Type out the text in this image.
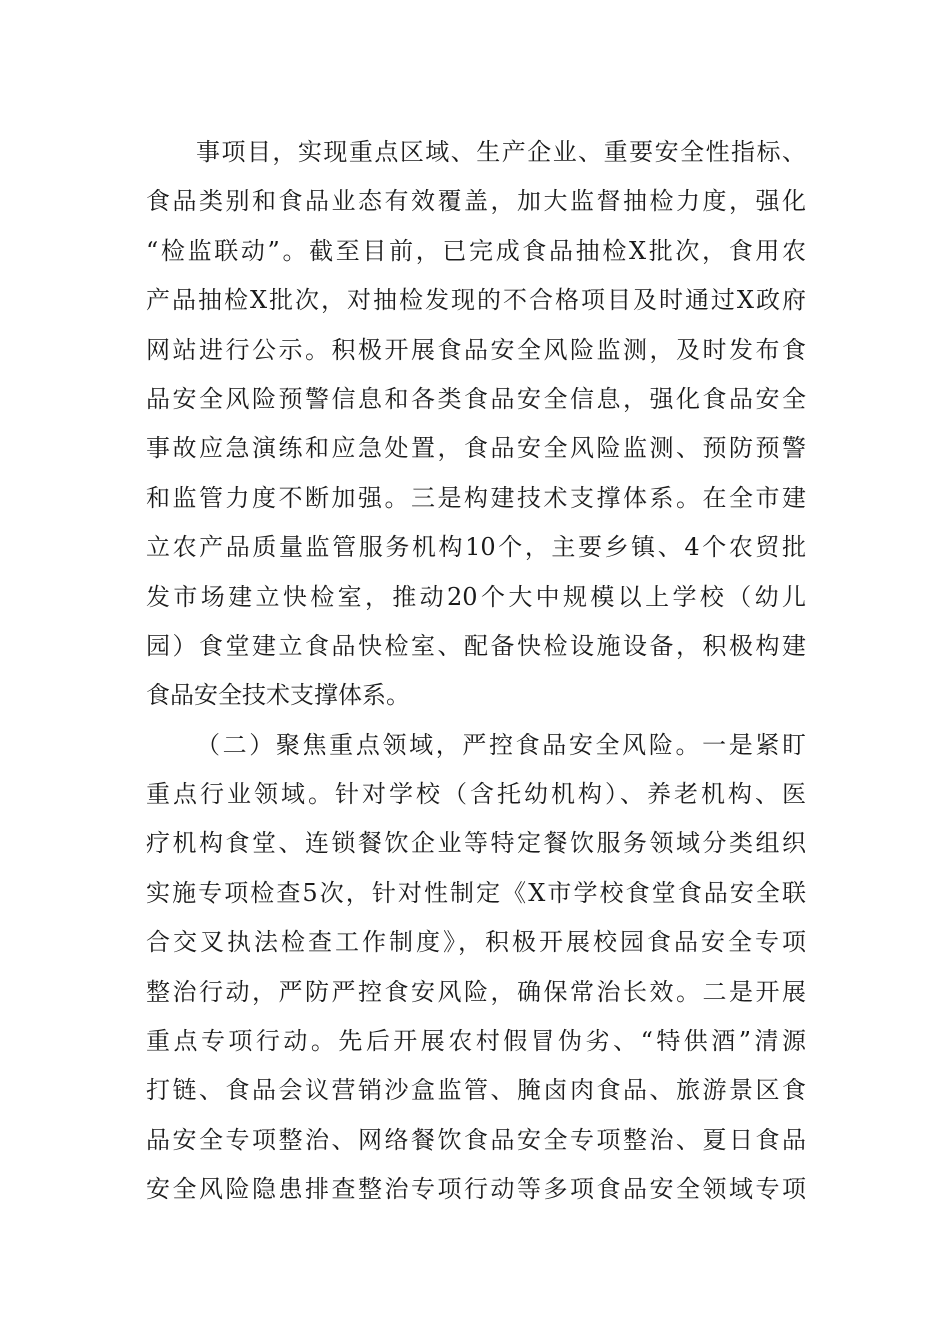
事项目，实现重点区域、生产企业、重要安全性指标、
食品类别和食品业态有效覆盖，加大监督抽检力度，强化
“检监联动”。截至目前，已完成食品抽检X批次，食用农
产品抽检X批次，对抽检发现的不合格项目及时通过X政府
网站进行公示。积极开展食品安全风险监测，及时发布食
品安全风险预警信息和各类食品安全信息，强化食品安全
事故应急演练和应急处置，食品安全风险监测、预防预警
和监管力度不断加强。三是构建技术支撑体系。在全市建
立农产品质量监管服务机构10个，主要乡镇、4个农贸批
发市场建立快检室，推动20个大中规模以上学校（幼儿
园）食堂建立食品快检室、配备快检设施设备，积极构建
食品安全技术支撑体系。
（二）聚焦重点领域，严控食品安全风险。一是紧盯
重点行业领域。针对学校（含托幼机构）、养老机构、医
疗机构食堂、连锁餐饮企业等特定餐饮服务领域分类组织
实施专项检查5次，针对性制定《X市学校食堂食品安全联
合交叉执法检查工作制度》，积极开展校园食品安全专项
整治行动，严防严控食安风险，确保常治长效。二是开展
重点专项行动。先后开展农村假冒伪劣、“特供酒”清源
打链、食品会议营销沙盒监管、腌卤肉食品、旅游景区食
品安全专项整治、网络餐饮食品安全专项整治、夏日食品
安全风险隐患排查整治专项行动等多项食品安全领域专项
